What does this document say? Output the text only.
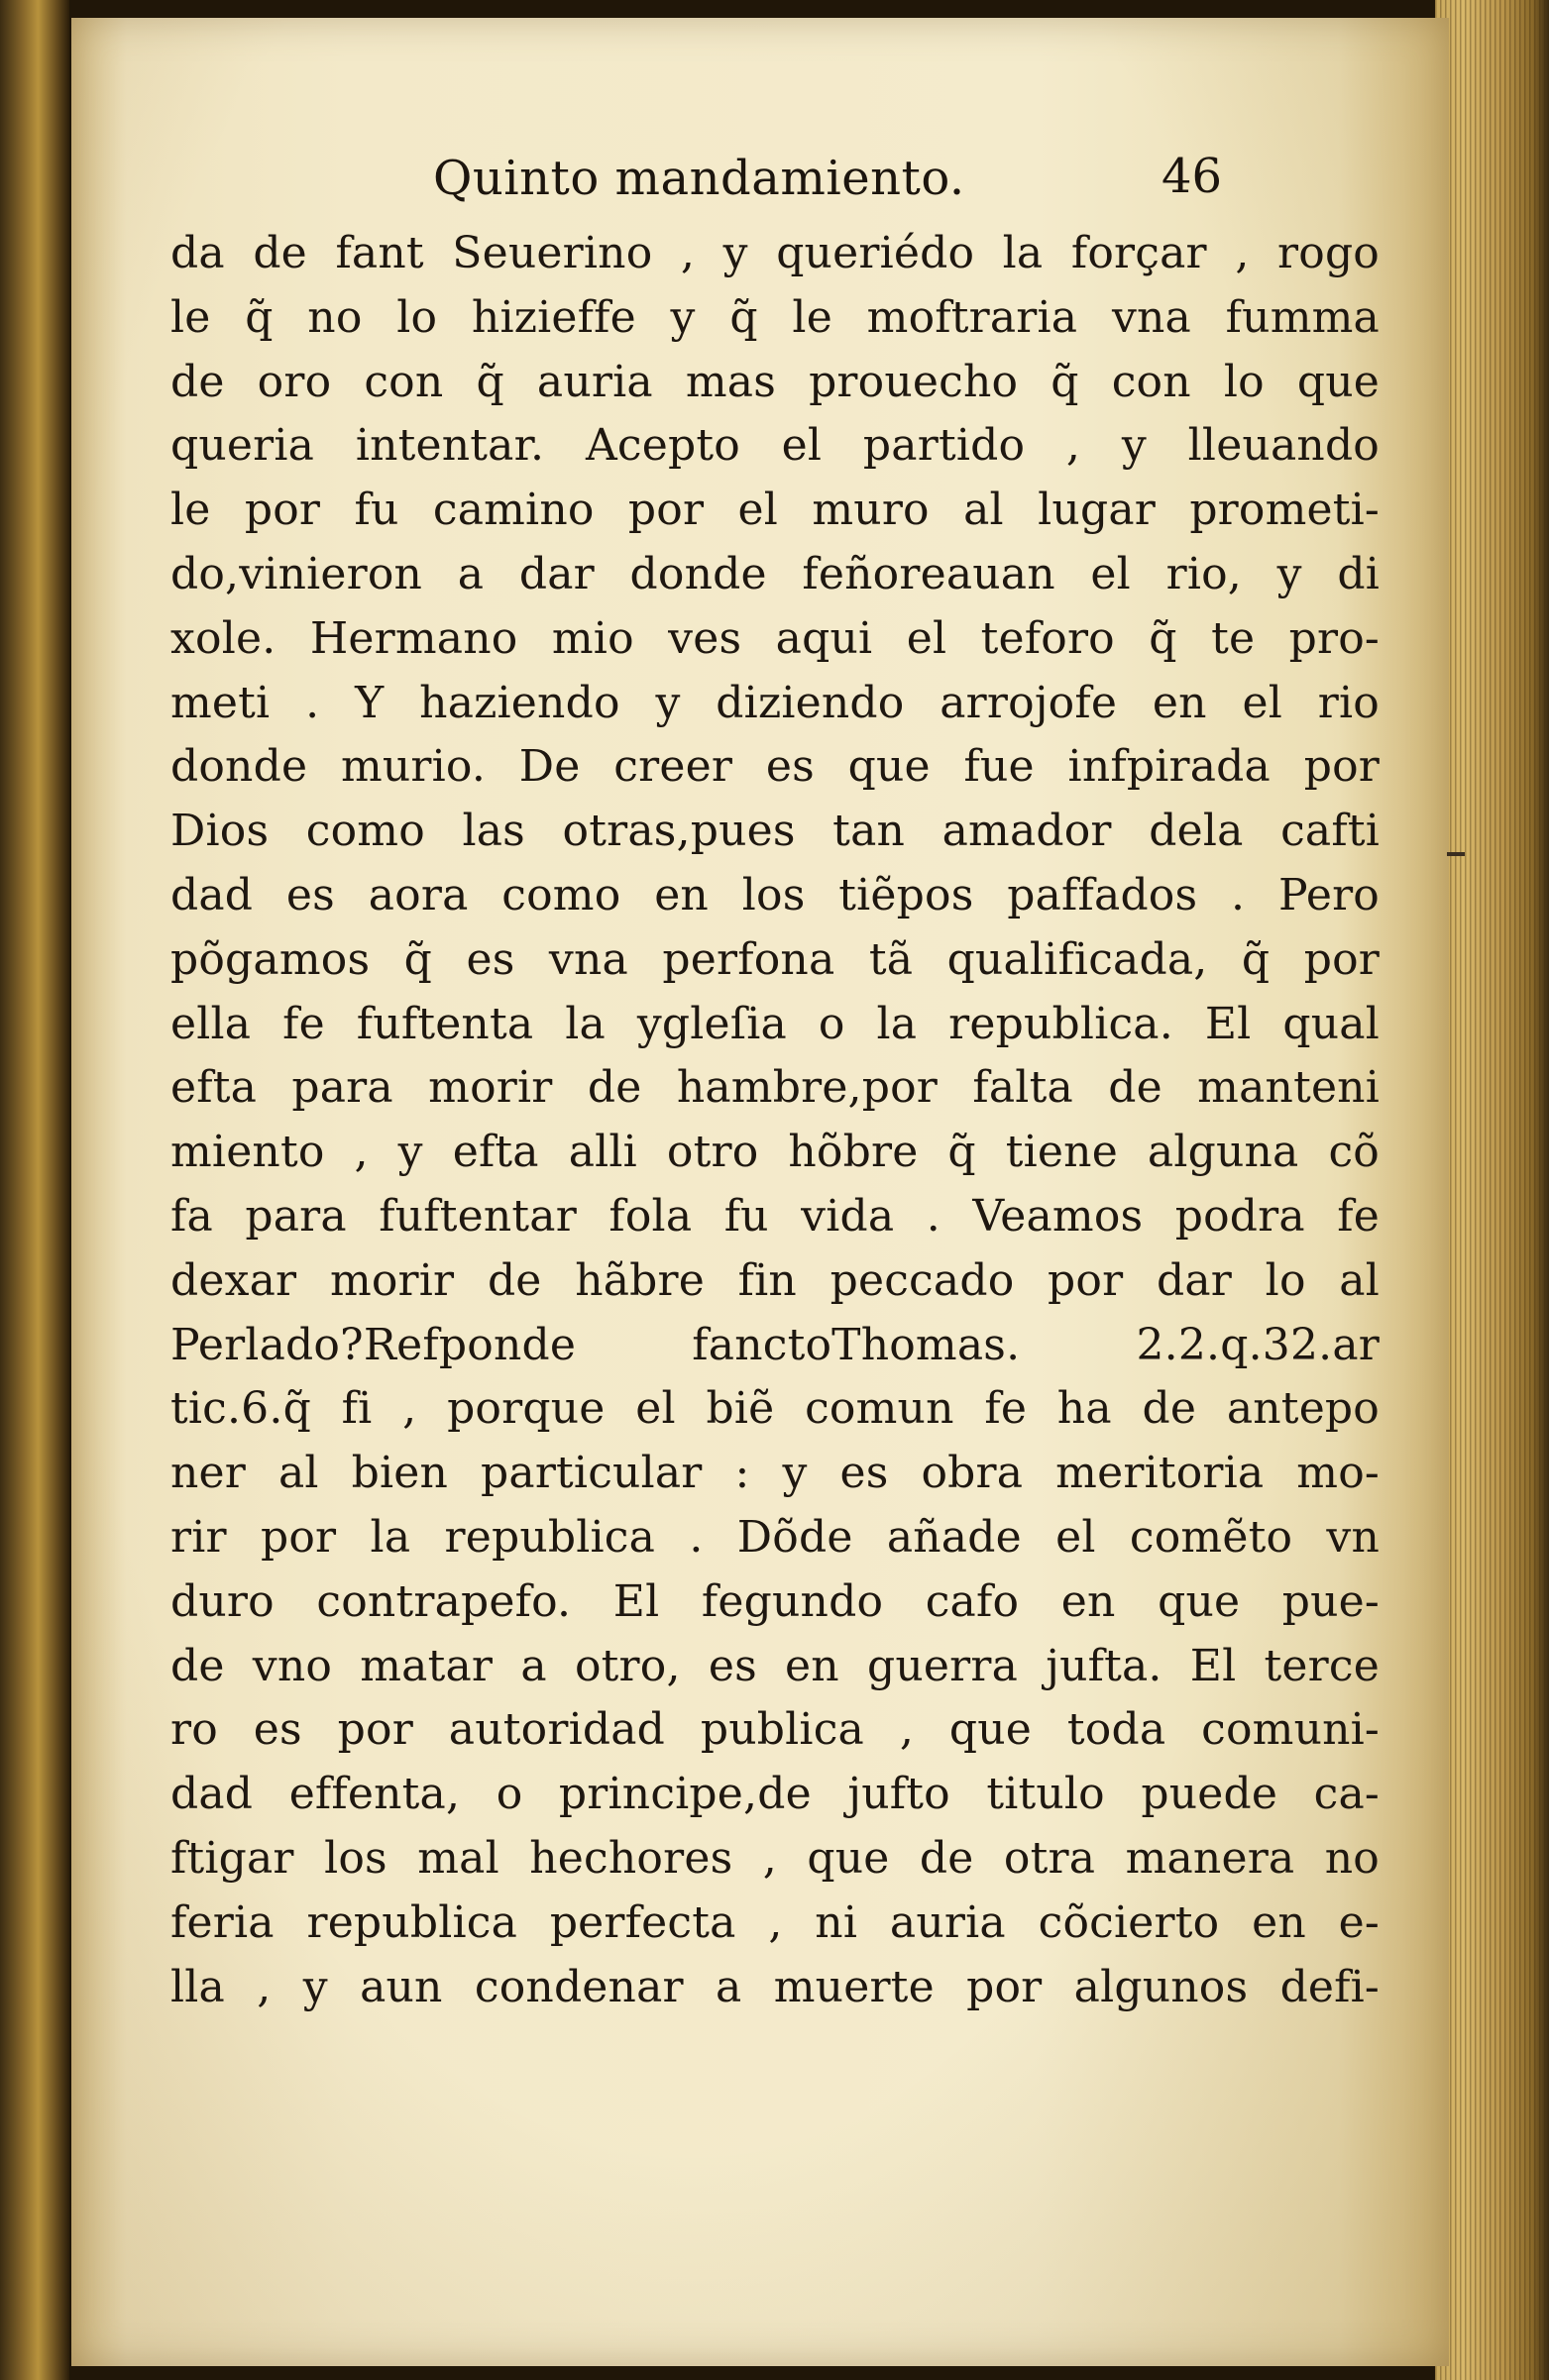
Quinto mandamiento.	46
da de fant Seuerino , y queriédo la forçar , rogo
le q̃ no lo hizieffe y q̃ le moftraria vna fumma
de oro con q̃ auria mas prouecho q̃ con lo que
queria intentar. Acepto el partido , y lleuando
le por fu camino por el muro al lugar prometi-
do,vinieron a dar donde feñoreauan el rio, y di
xole. Hermano mio ves aqui el teforo q̃ te pro-
meti . Y haziendo y diziendo arrojofe en el rio
donde murio. De creer es que fue infpirada por
Dios como las otras,pues tan amador dela cafti
dad es aora como en los tiẽpos paffados . Pero
põgamos q̃ es vna perfona tã qualificada, q̃ por
ella fe fuftenta la ygleſia o la republica. El qual
efta para morir de hambre,por falta de manteni
miento , y efta alli otro hõbre q̃ tiene alguna cõ
fa para fuftentar fola fu vida . Veamos podra fe
dexar morir de hãbre fin peccado por dar lo al
Perlado?Refponde fanctoThomas. 2.2.q.32.ar
tic.6.q̃ fi , porque el biẽ comun fe ha de antepo
ner al bien particular : y es obra meritoria mo-
rir por la republica . Dõde añade el comẽto vn
duro contrapefo. El fegundo cafo en que pue-
de vno matar a otro, es en guerra jufta. El terce
ro es por autoridad publica , que toda comuni-
dad effenta, o principe,de jufto titulo puede ca-
ftigar los mal hechores , que de otra manera no
feria republica perfecta , ni auria cõcierto en e-
lla , y aun condenar a muerte por algunos defi-
